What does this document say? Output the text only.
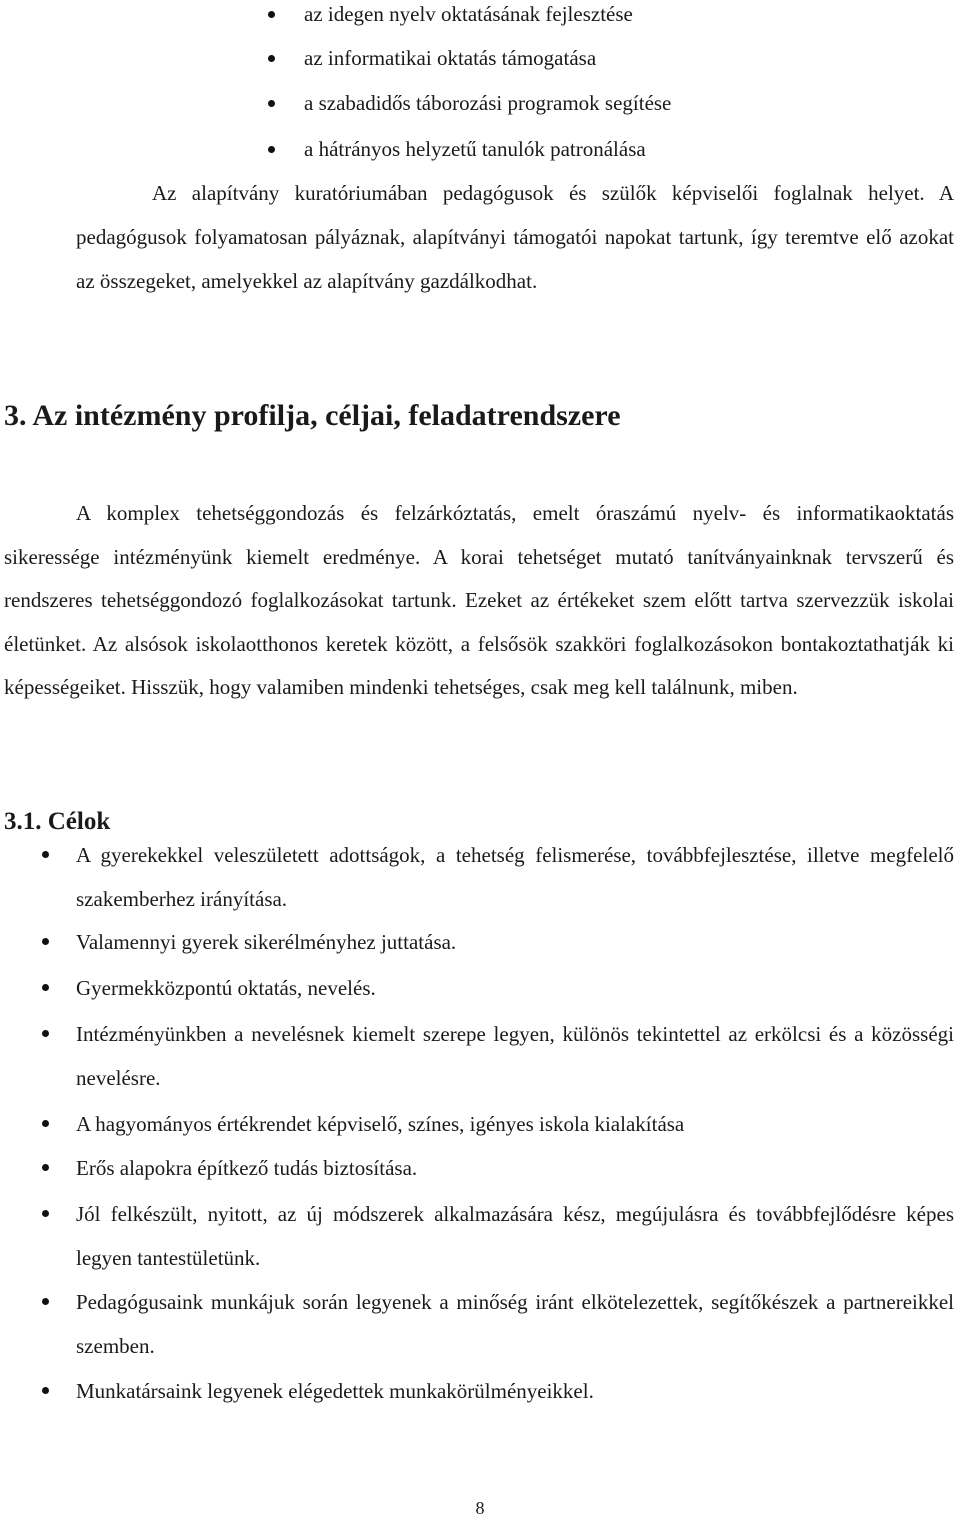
az idegen nyelv oktatásának fejlesztése
az informatikai oktatás támogatása
a szabadidős táborozási programok segítése
a hátrányos helyzetű tanulók patronálása

Az alapítvány kuratóriumában pedagógusok és szülők képviselői foglalnak helyet. A pedagógusok folyamatosan pályáznak, alapítványi támogatói napokat tartunk, így teremtve elő azokat az összegeket, amelyekkel az alapítvány gazdálkodhat.

3. Az intézmény profilja, céljai, feladatrendszere

A komplex tehetséggondozás és felzárkóztatás, emelt óraszámú nyelv- és informatikaoktatás sikeressége intézményünk kiemelt eredménye. A korai tehetséget mutató tanítványainknak tervszerű és rendszeres tehetséggondozó foglalkozásokat tartunk. Ezeket az értékeket szem előtt tartva szervezzük iskolai életünket. Az alsósok iskolaotthonos keretek között, a felsősök szakköri foglalkozásokon bontakoztathatják ki képességeiket. Hisszük, hogy valamiben mindenki tehetséges, csak meg kell találnunk, miben.

3.1. Célok
A gyerekekkel veleszületett adottságok, a tehetség felismerése, továbbfejlesztése, illetve megfelelő szakemberhez irányítása.
Valamennyi gyerek sikerélményhez juttatása.
Gyermekközpontú oktatás, nevelés.
Intézményünkben a nevelésnek kiemelt szerepe legyen, különös tekintettel az erkölcsi és a közösségi nevelésre.
A hagyományos értékrendet képviselő, színes, igényes iskola kialakítása
Erős alapokra építkező tudás biztosítása.
Jól felkészült, nyitott, az új módszerek alkalmazására kész, megújulásra és továbbfejlődésre képes legyen tantestületünk.
Pedagógusaink munkájuk során legyenek a minőség iránt elkötelezettek, segítőkészek a partnereikkel szemben.
Munkatársaink legyenek elégedettek munkakörülményeikkel.
8
